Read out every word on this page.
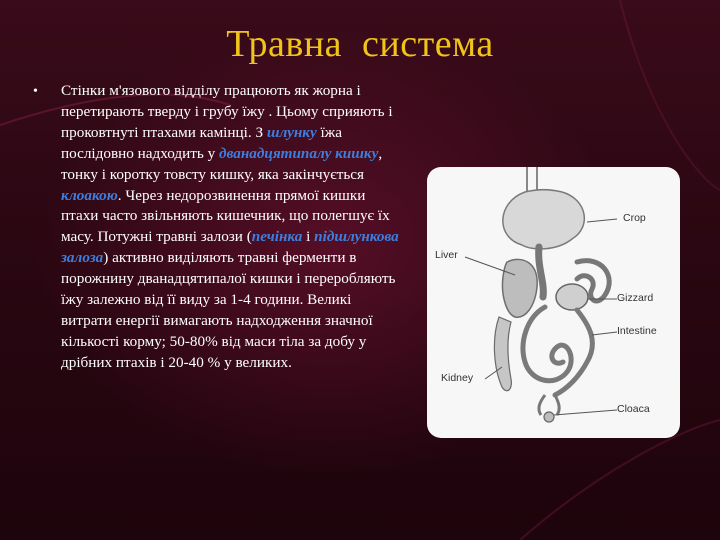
Травна  система
• Стінки м'язового відділу працюють як жорна і перетирають тверду і грубу їжу . Цьому сприяють і проковтнуті птахами камінці. З шлунку їжа послідовно надходить у дванадцятипалу кишку, тонку і коротку товсту кишку, яка закінчується клоакою. Через недорозвинення прямої кишки птахи часто звільняють кишечник, що полегшує їх масу. Потужні травні залози (печінка і підшлункова залоза) активно виділяють травні ферменти в порожнину дванадцятипалої кишки і переробляють їжу залежно від її виду за 1-4 години. Великі витрати енергії вимагають надходження значної кількості корму; 50-80% від маси тіла за добу у дрібних птахів і 20-40 % у великих.
Crop
Liver
Gizzard
Intestine
Kidney
Cloaca
